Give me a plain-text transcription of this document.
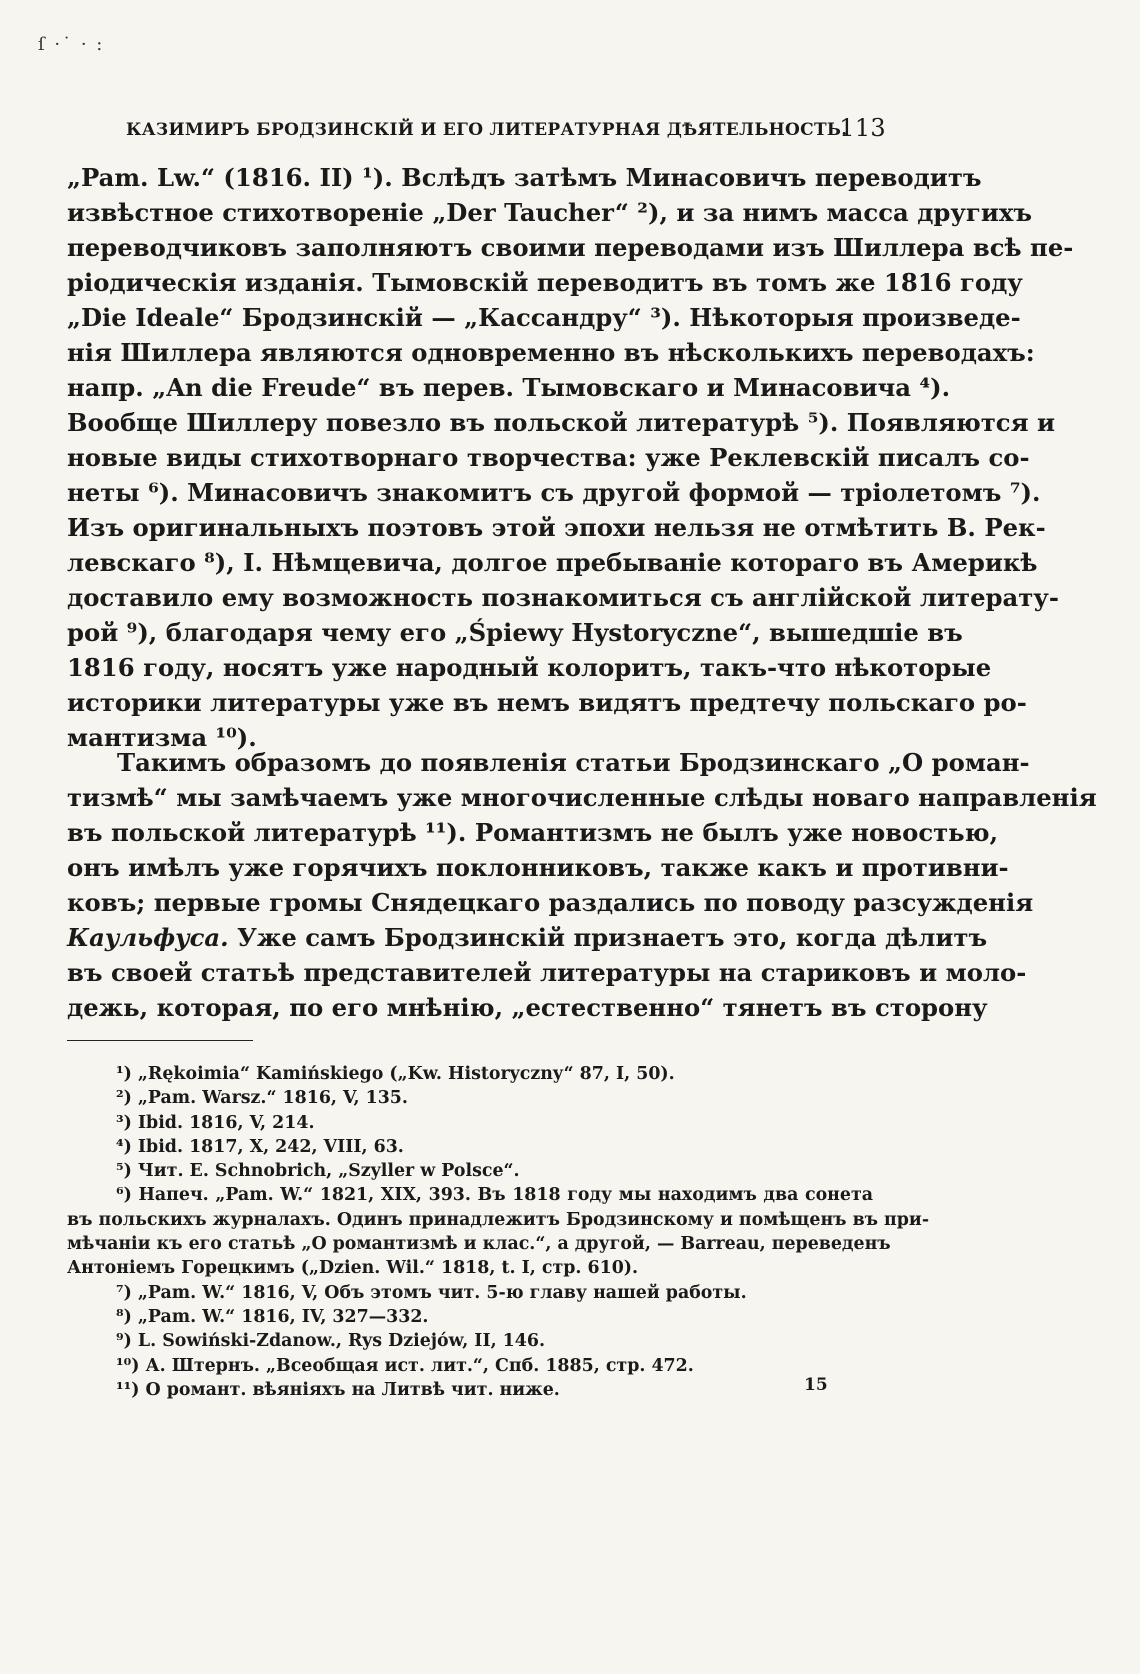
ſ ·˙ · :
КАЗИМИРЪ БРОДЗИНСКІЙ И ЕГО ЛИТЕРАТУРНАЯ ДѢЯТЕЛЬНОСТЬ.
113
„Pam. Lw.“ (1816. II) ¹). Вслѣдъ затѣмъ Минасовичъ переводитъ
извѣстное стихотвореніе „Der Taucher“ ²), и за нимъ масса другихъ
переводчиковъ заполняютъ своими переводами изъ Шиллера всѣ пе-
ріодическія изданія. Тымовскій переводитъ въ томъ же 1816 году
„Die Ideale“ Бродзинскій — „Кассандру“ ³). Нѣкоторыя произведе-
нія Шиллера являются одновременно въ нѣсколькихъ переводахъ:
напр. „An die Freude“ въ перев. Тымовскаго и Минасовича ⁴).
Вообще Шиллеру повезло въ польской литературѣ ⁵). Появляются и
новые виды стихотворнаго творчества: уже Реклевскій писалъ со-
неты ⁶). Минасовичъ знакомитъ съ другой формой — тріолетомъ ⁷).
Изъ оригинальныхъ поэтовъ этой эпохи нельзя не отмѣтить В. Рек-
левскаго ⁸), І. Нѣмцевича, долгое пребываніе котораго въ Америкѣ
доставило ему возможность познакомиться съ англійской литерату-
рой ⁹), благодаря чему его „Śpiewy Hystoryczne“, вышедшіе въ
1816 году, носятъ уже народный колоритъ, такъ-что нѣкоторые
историки литературы уже въ немъ видятъ предтечу польскаго ро-
мантизма ¹⁰).
Такимъ образомъ до появленія статьи Бродзинскаго „О роман-
тизмѣ“ мы замѣчаемъ уже многочисленные слѣды новаго направленія
въ польской литературѣ ¹¹). Романтизмъ не былъ уже новостью,
онъ имѣлъ уже горячихъ поклонниковъ, также какъ и противни-
ковъ; первые громы Снядецкаго раздались по поводу разсужденія
Каульфуса. Уже самъ Бродзинскій признаетъ это, когда дѣлитъ
въ своей статьѣ представителей литературы на стариковъ и моло-
дежь, которая, по его мнѣнію, „естественно“ тянетъ въ сторону
¹) „Rękoimia“ Kamińskiego („Kw. Historyczny“ 87, I, 50).
²) „Pam. Warsz.“ 1816, V, 135.
³) Ibid. 1816, V, 214.
⁴) Ibid. 1817, X, 242, VIII, 63.
⁵) Чит. E. Schnobrich, „Szyller w Polsce“.
⁶) Напеч. „Pam. W.“ 1821, XIX, 393. Въ 1818 году мы находимъ два сонета
въ польскихъ журналахъ. Одинъ принадлежитъ Бродзинскому и помѣщенъ въ при-
мѣчаніи къ его статьѣ „О романтизмѣ и клас.“, а другой, — Barreau, переведенъ
Антоніемъ Горецкимъ („Dzien. Wil.“ 1818, t. I, стр. 610).
⁷) „Pam. W.“ 1816, V, Объ этомъ чит. 5-ю главу нашей работы.
⁸) „Pam. W.“ 1816, IV, 327—332.
⁹) L. Sowiński-Zdanow., Rys Dziejów, II, 146.
¹⁰) А. Штернъ. „Всеобщая ист. лит.“, Спб. 1885, стр. 472.
¹¹) О романт. вѣяніяхъ на Литвѣ чит. ниже.	15
